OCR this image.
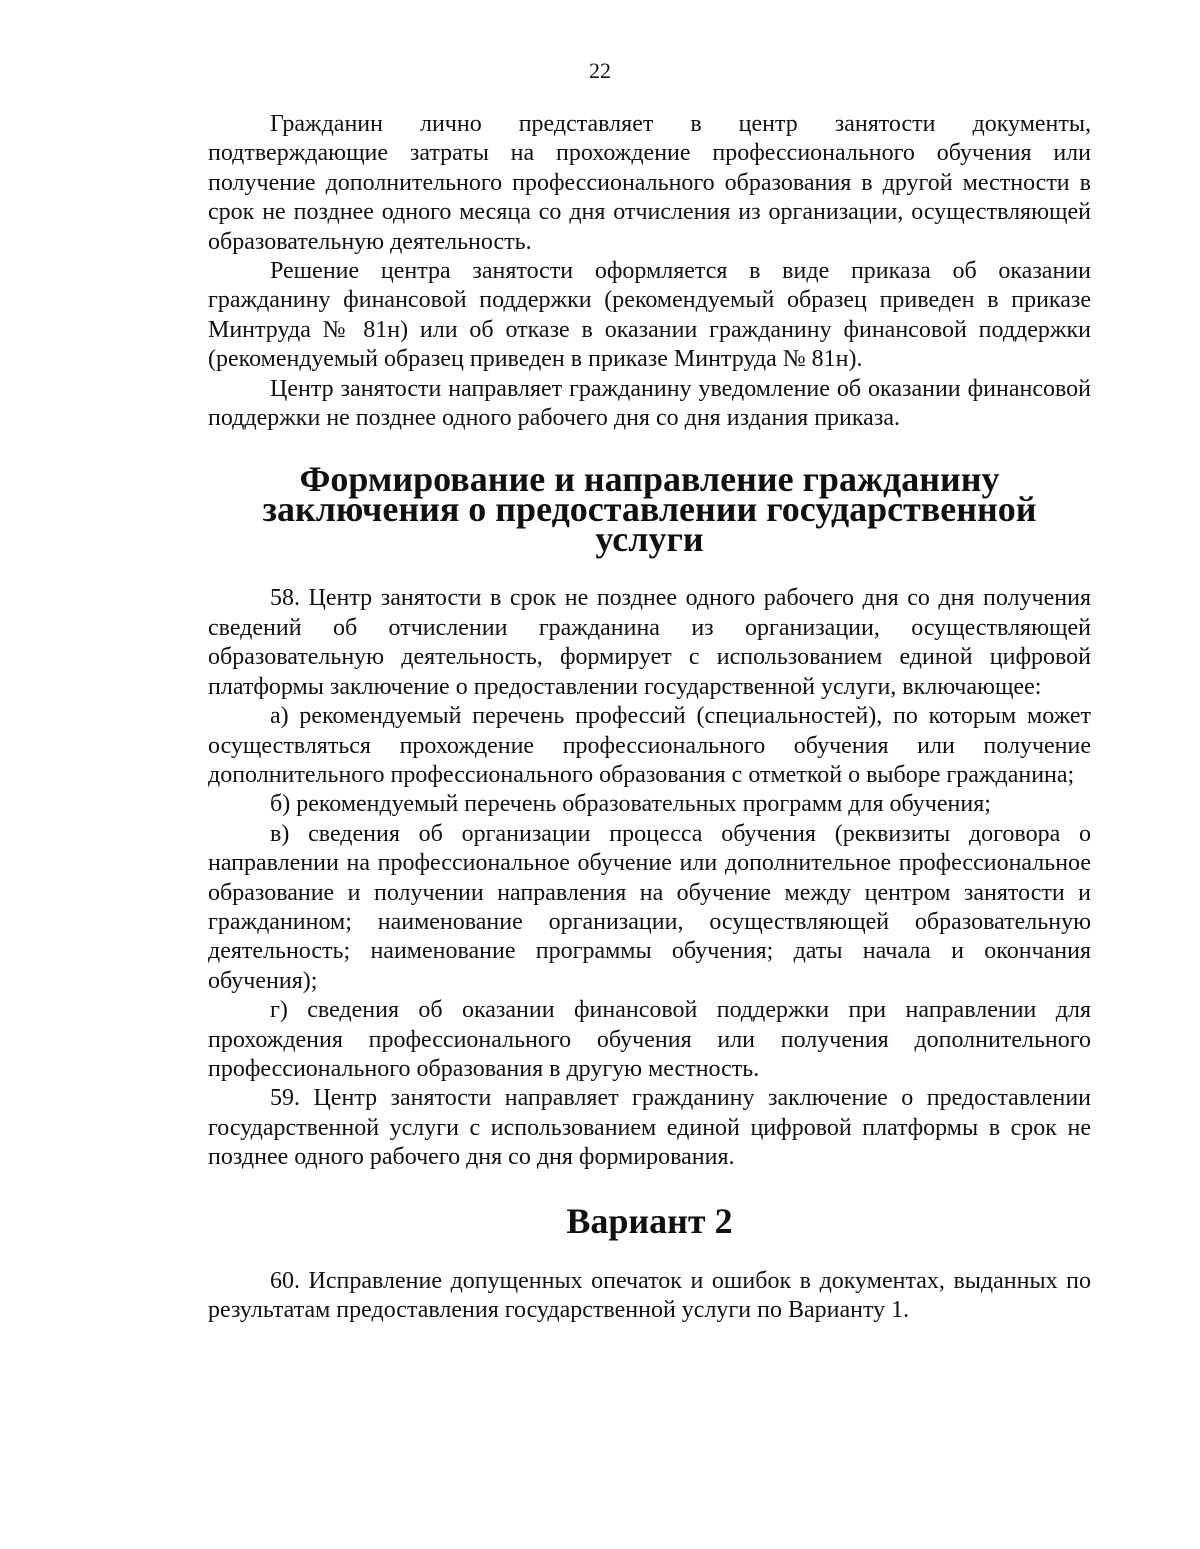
22

Гражданин лично представляет в центр занятости документы, подтверждающие затраты на прохождение профессионального обучения или получение дополнительного профессионального образования в другой местности в срок не позднее одного месяца со дня отчисления из организации, осуществляющей образовательную деятельность.

Решение центра занятости оформляется в виде приказа об оказании гражданину финансовой поддержки (рекомендуемый образец приведен в приказе Минтруда № 81н) или об отказе в оказании гражданину финансовой поддержки (рекомендуемый образец приведен в приказе Минтруда № 81н).

Центр занятости направляет гражданину уведомление об оказании финансовой поддержки не позднее одного рабочего дня со дня издания приказа.

Формирование и направление гражданину заключения о предоставлении государственной услуги

58. Центр занятости в срок не позднее одного рабочего дня со дня получения сведений об отчислении гражданина из организации, осуществляющей образовательную деятельность, формирует с использованием единой цифровой платформы заключение о предоставлении государственной услуги, включающее:

а) рекомендуемый перечень профессий (специальностей), по которым может осуществляться прохождение профессионального обучения или получение дополнительного профессионального образования с отметкой о выборе гражданина;

б) рекомендуемый перечень образовательных программ для обучения;

в) сведения об организации процесса обучения (реквизиты договора о направлении на профессиональное обучение или дополнительное профессиональное образование и получении направления на обучение между центром занятости и гражданином; наименование организации, осуществляющей образовательную деятельность; наименование программы обучения; даты начала и окончания обучения);

г) сведения об оказании финансовой поддержки при направлении для прохождения профессионального обучения или получения дополнительного профессионального образования в другую местность.

59. Центр занятости направляет гражданину заключение о предоставлении государственной услуги с использованием единой цифровой платформы в срок не позднее одного рабочего дня со дня формирования.

Вариант 2

60. Исправление допущенных опечаток и ошибок в документах, выданных по результатам предоставления государственной услуги по Варианту 1.
